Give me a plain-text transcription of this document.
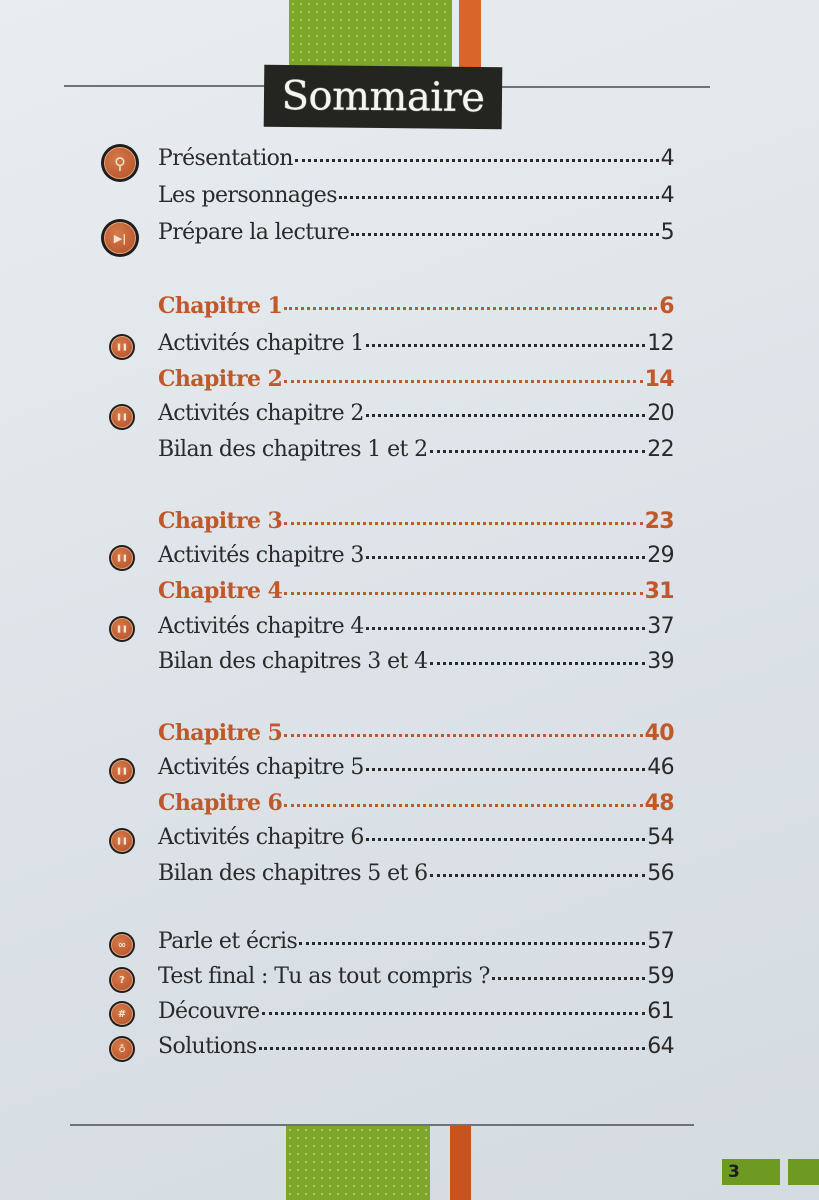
Sommaire
⚲
▶|
❚❚
❚❚
❚❚
❚❚
❚❚
❚❚
∞
?
#
♁
Présentation	4
Les personnages	4
Prépare la lecture	5
Chapitre 1	6
Activités chapitre 1	12
Chapitre 2	14
Activités chapitre 2	20
Bilan des chapitres 1 et 2	22
Chapitre 3	23
Activités chapitre 3	29
Chapitre 4	31
Activités chapitre 4	37
Bilan des chapitres 3 et 4	39
Chapitre 5	40
Activités chapitre 5	46
Chapitre 6	48
Activités chapitre 6	54
Bilan des chapitres 5 et 6	56
Parle et écris	57
Test final : Tu as tout compris ?	59
Découvre	61
Solutions	64
3
